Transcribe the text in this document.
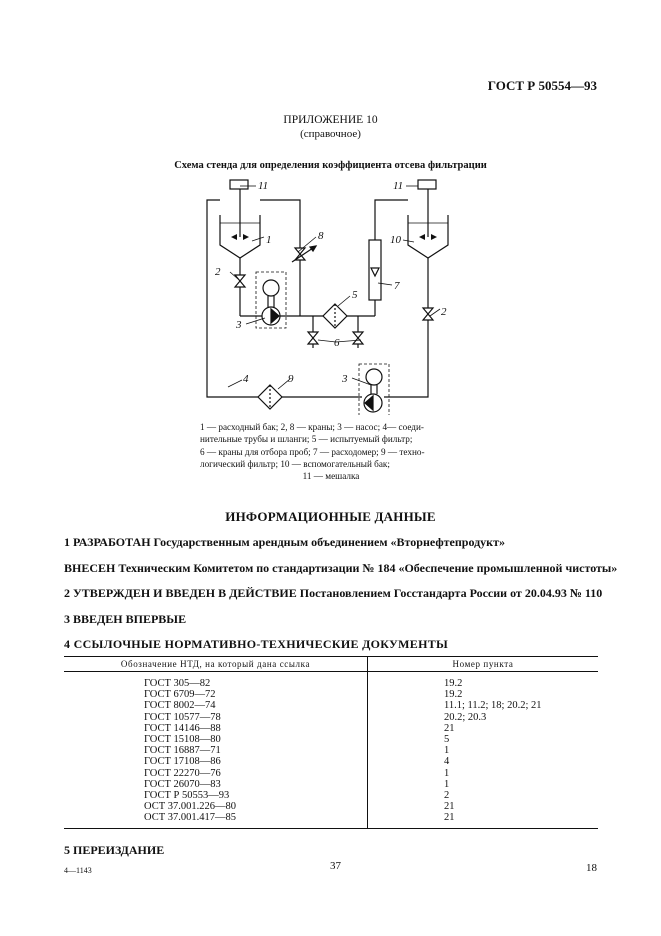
ГОСТ Р 50554—93
ПРИЛОЖЕНИЕ 10
(справочное)
Схема стенда для определения коэффициента отсева фильтрации
1
2
2
3
3
4
5
6
7
8
9
10
11	11
1 — расходный бак; 2, 8 — краны; 3 — насос; 4— соеди-
нительные трубы и шланги; 5 — испытуемый фильтр;
6 — краны для отбора проб; 7 — расходомер; 9 — техно-
логический фильтр; 10 — вспомогательный бак;
11 — мешалка
ИНФОРМАЦИОННЫЕ ДАННЫЕ
1 РАЗРАБОТАН Государственным арендным объединением «Вторнефтепродукт»
ВНЕСЕН Техническим Комитетом по стандартизации № 184 «Обеспечение промышленной чистоты»
2 УТВЕРЖДЕН И ВВЕДЕН В ДЕЙСТВИЕ Постановлением Госстандарта России от 20.04.93 № 110
3 ВВЕДЕН ВПЕРВЫЕ
4 ССЫЛОЧНЫЕ НОРМАТИВНО-ТЕХНИЧЕСКИЕ ДОКУМЕНТЫ
Обозначение НТД, на который дана ссылка	Номер пункта
ГОСТ 305—82	19.2
ГОСТ 6709—72	19.2
ГОСТ 8002—74	11.1; 11.2; 18; 20.2; 21
ГОСТ 10577—78	20.2; 20.3
ГОСТ 14146—88	21
ГОСТ 15108—80	5
ГОСТ 16887—71	1
ГОСТ 17108—86	4
ГОСТ 22270—76	1
ГОСТ 26070—83	1
ГОСТ Р 50553—93	2
ОСТ 37.001.226—80	21
ОСТ 37.001.417—85	21
5 ПЕРЕИЗДАНИЕ
4—1143	37	18
